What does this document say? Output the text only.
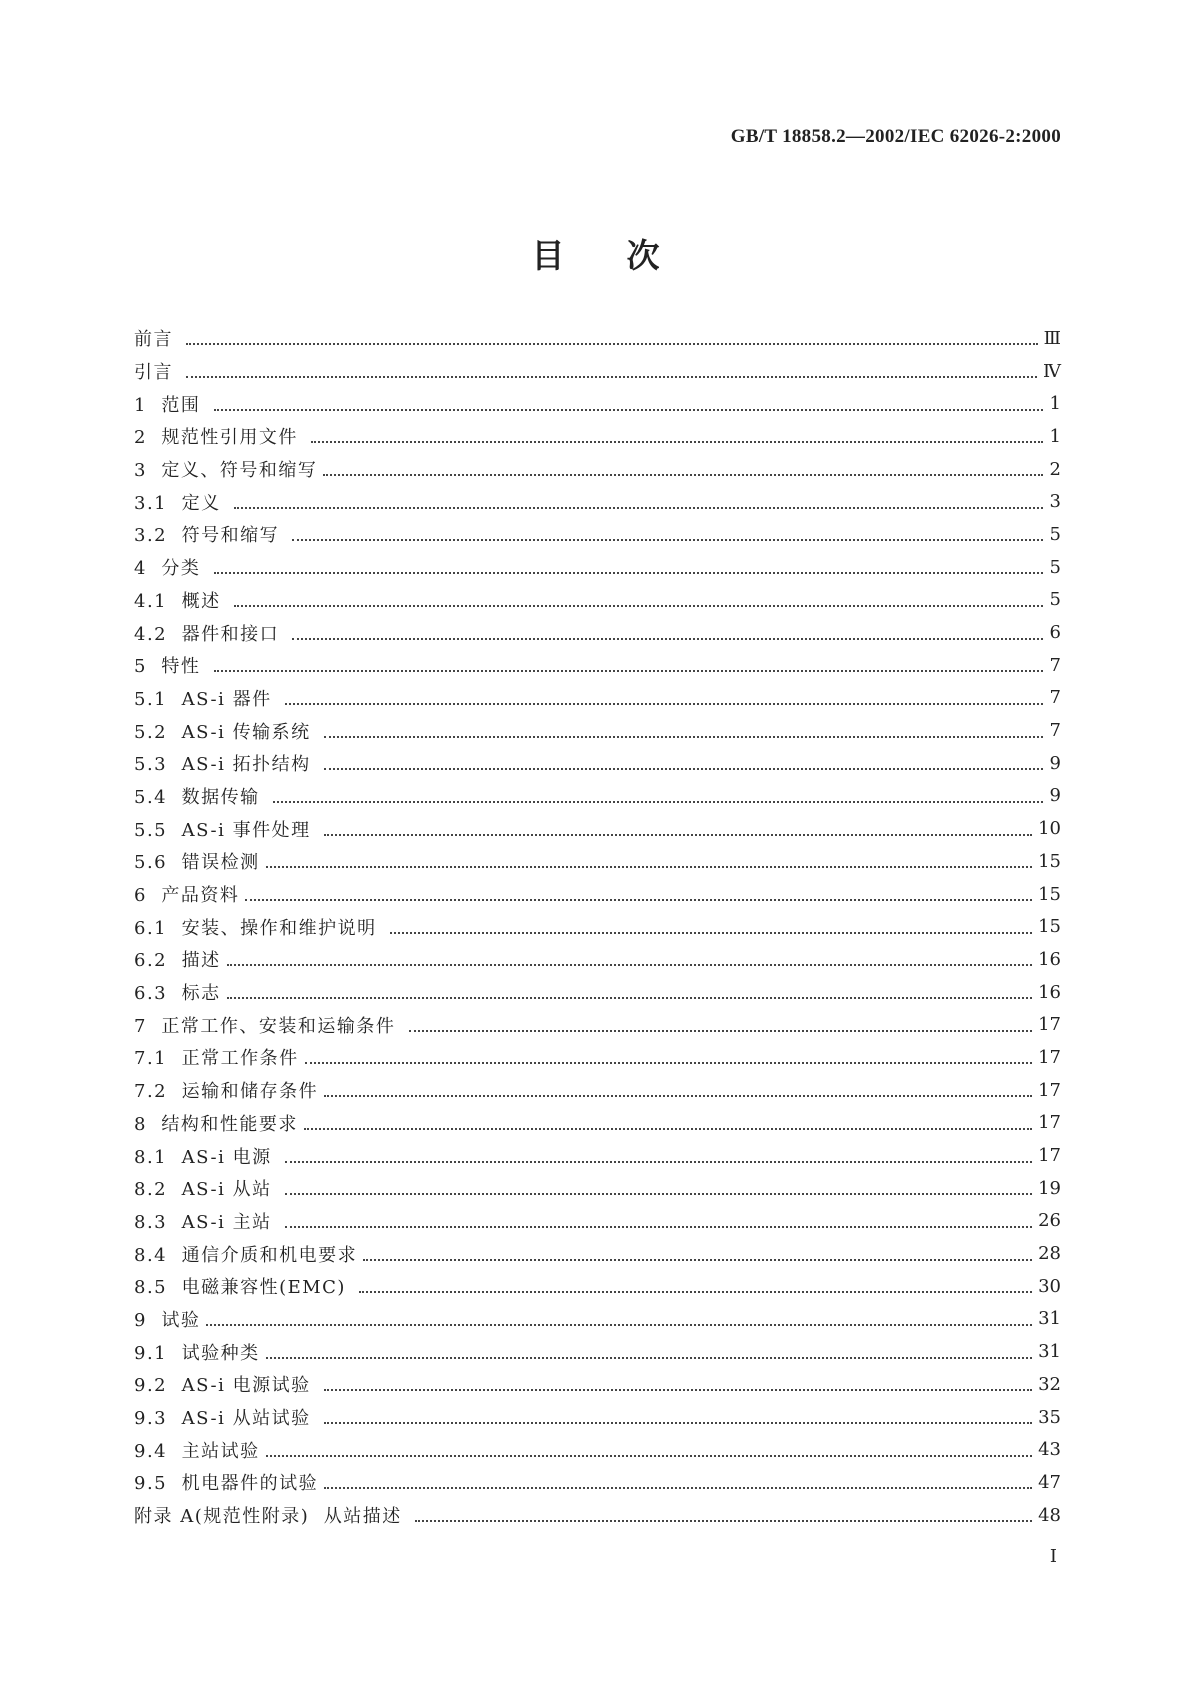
GB/T 18858.2—2002/IEC 62026-2:2000
目 次
前言	Ⅲ
引言	Ⅳ
1  范围	1
2  规范性引用文件	1
3  定义、符号和缩写	2
3.1  定义	3
3.2  符号和缩写	5
4  分类	5
4.1  概述	5
4.2  器件和接口	6
5  特性	7
5.1  AS-i 器件	7
5.2  AS-i 传输系统	7
5.3  AS-i 拓扑结构	9
5.4  数据传输	9
5.5  AS-i 事件处理	10
5.6  错误检测	15
6  产品资料	15
6.1  安装、操作和维护说明	15
6.2  描述	16
6.3  标志	16
7  正常工作、安装和运输条件	17
7.1  正常工作条件	17
7.2  运输和储存条件	17
8  结构和性能要求	17
8.1  AS-i 电源	17
8.2  AS-i 从站	19
8.3  AS-i 主站	26
8.4  通信介质和机电要求	28
8.5  电磁兼容性(EMC)	30
9  试验	31
9.1  试验种类	31
9.2  AS-i 电源试验	32
9.3  AS-i 从站试验	35
9.4  主站试验	43
9.5  机电器件的试验	47
附录 A(规范性附录)  从站描述	48
I
